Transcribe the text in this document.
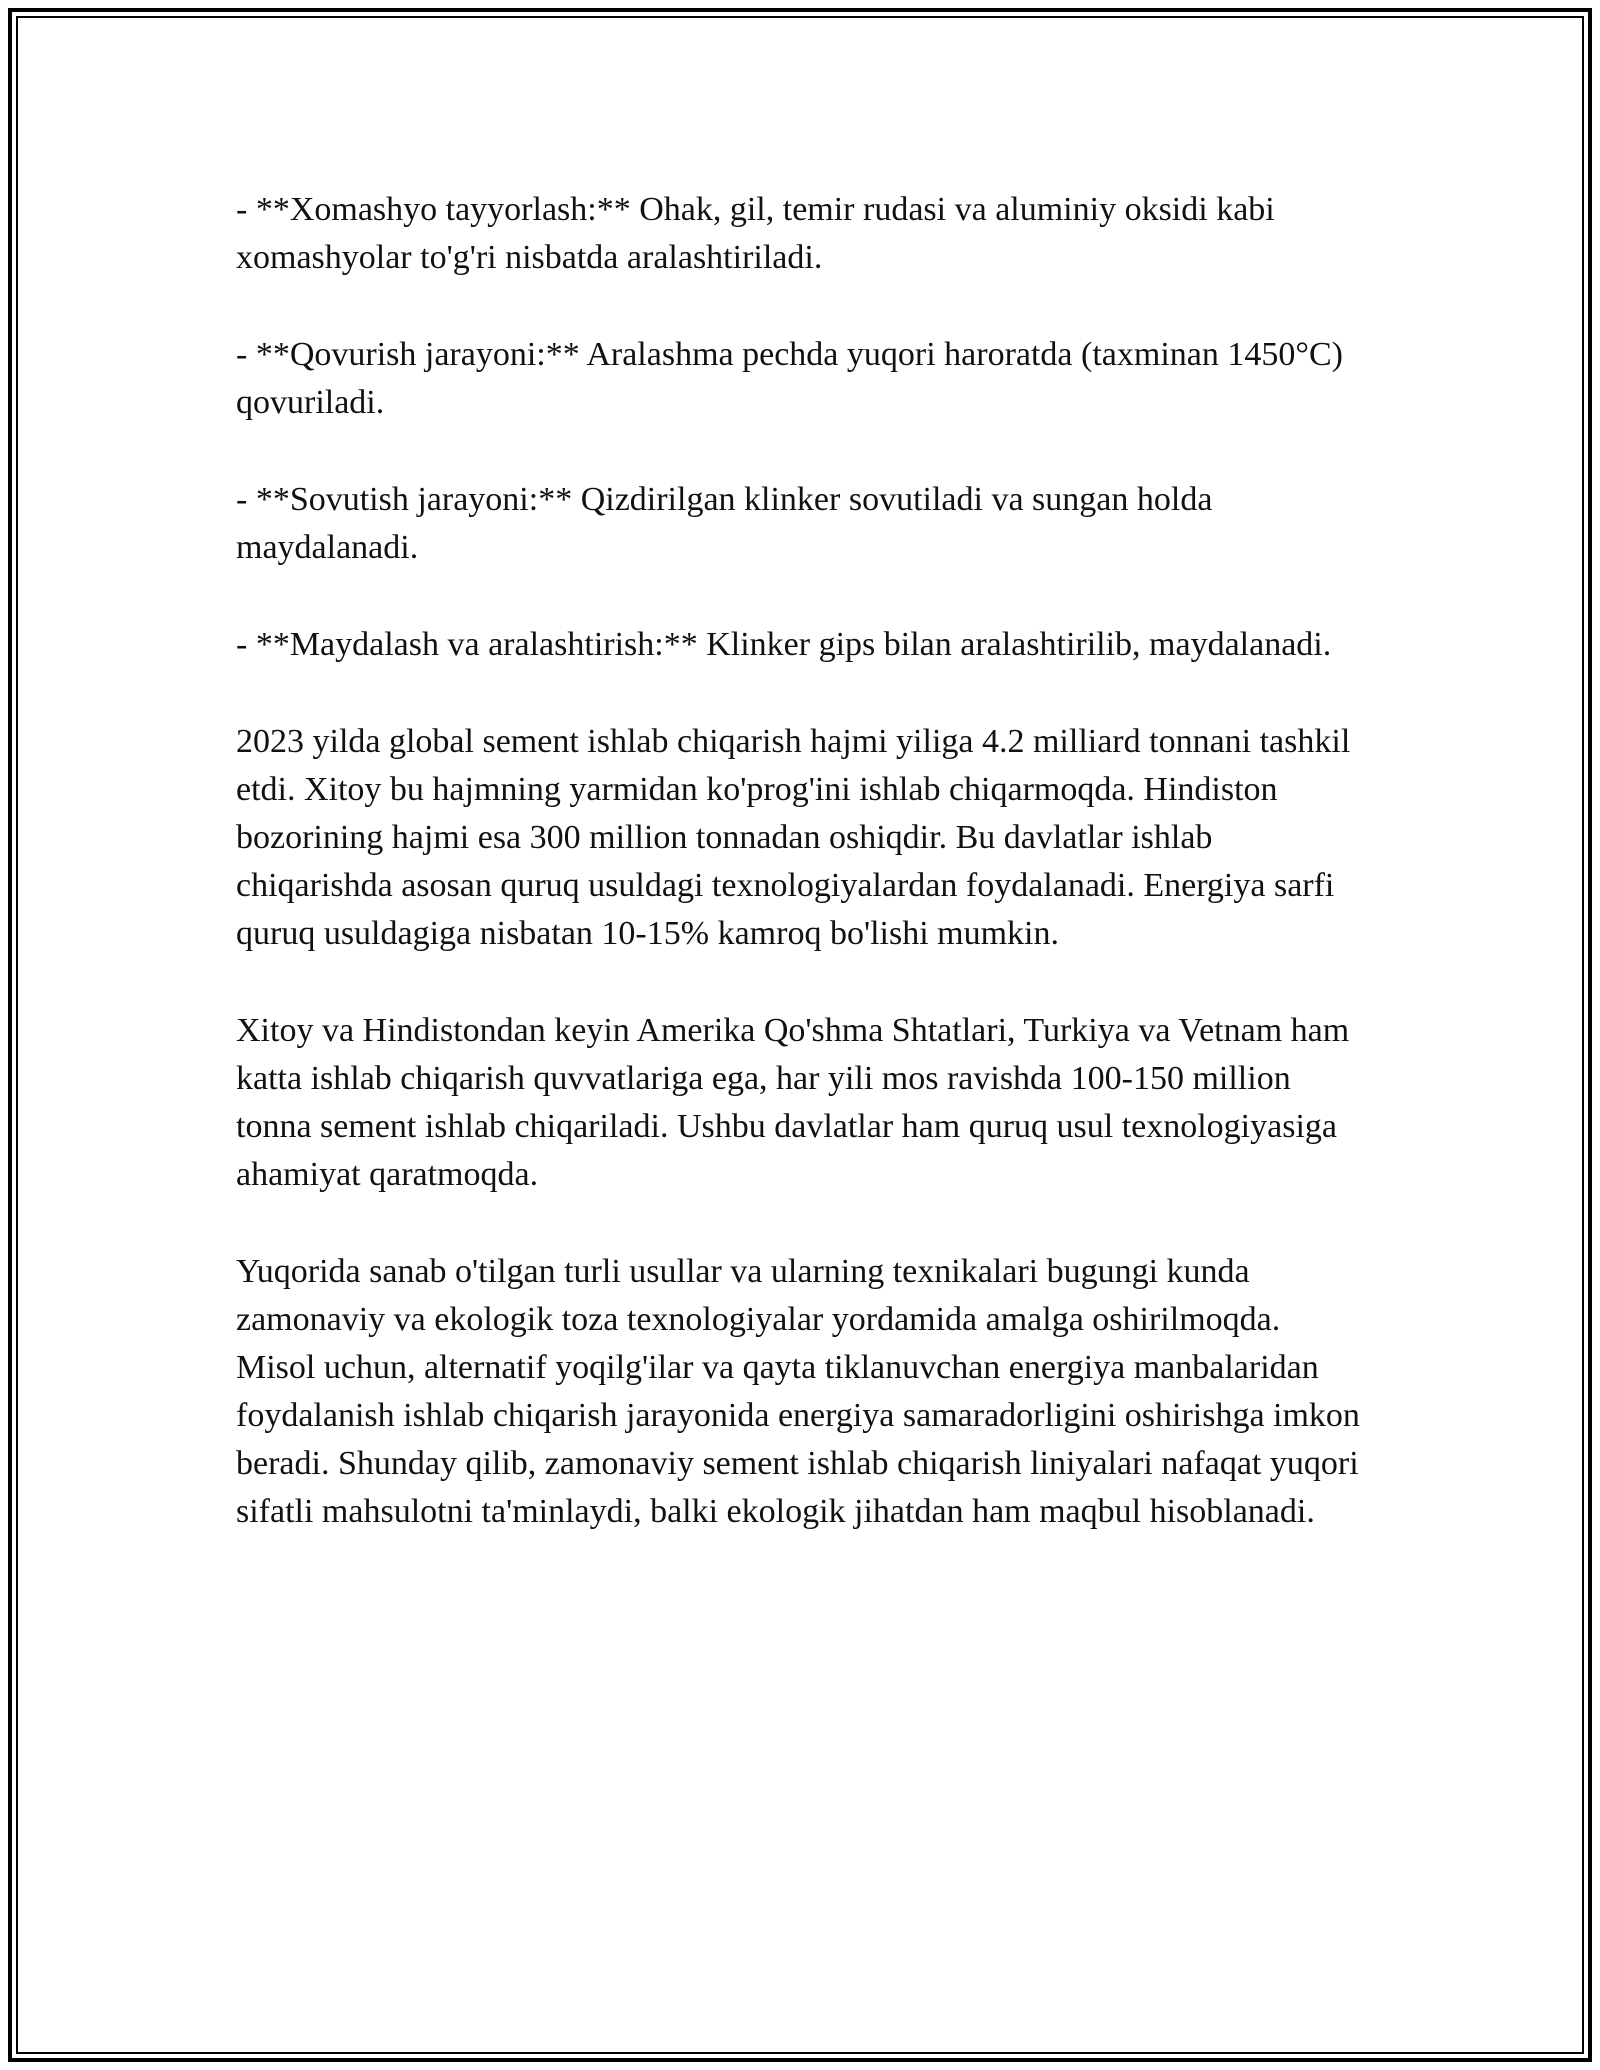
- **Xomashyo tayyorlash:** Ohak, gil, temir rudasi va aluminiy oksidi kabi xomashyolar to'g'ri nisbatda aralashtiriladi.

- **Qovurish jarayoni:** Aralashma pechda yuqori haroratda (taxminan 1450°C) qovuriladi.

- **Sovutish jarayoni:** Qizdirilgan klinker sovutiladi va sungan holda maydalanadi.

- **Maydalash va aralashtirish:** Klinker gips bilan aralashtirilib, maydalanadi.

2023 yilda global sement ishlab chiqarish hajmi yiliga 4.2 milliard tonnani tashkil etdi. Xitoy bu hajmning yarmidan ko'prog'ini ishlab chiqarmoqda. Hindiston bozorining hajmi esa 300 million tonnadan oshiqdir. Bu davlatlar ishlab chiqarishda asosan quruq usuldagi texnologiyalardan foydalanadi. Energiya sarfi quruq usuldagiga nisbatan 10-15% kamroq bo'lishi mumkin.

Xitoy va Hindistondan keyin Amerika Qo'shma Shtatlari, Turkiya va Vetnam ham katta ishlab chiqarish quvvatlariga ega, har yili mos ravishda 100-150 million tonna sement ishlab chiqariladi. Ushbu davlatlar ham quruq usul texnologiyasiga ahamiyat qaratmoqda.

Yuqorida sanab o'tilgan turli usullar va ularning texnikalari bugungi kunda zamonaviy va ekologik toza texnologiyalar yordamida amalga oshirilmoqda. Misol uchun, alternatif yoqilg'ilar va qayta tiklanuvchan energiya manbalaridan foydalanish ishlab chiqarish jarayonida energiya samaradorligini oshirishga imkon beradi. Shunday qilib, zamonaviy sement ishlab chiqarish liniyalari nafaqat yuqori sifatli mahsulotni ta'minlaydi, balki ekologik jihatdan ham maqbul hisoblanadi.
